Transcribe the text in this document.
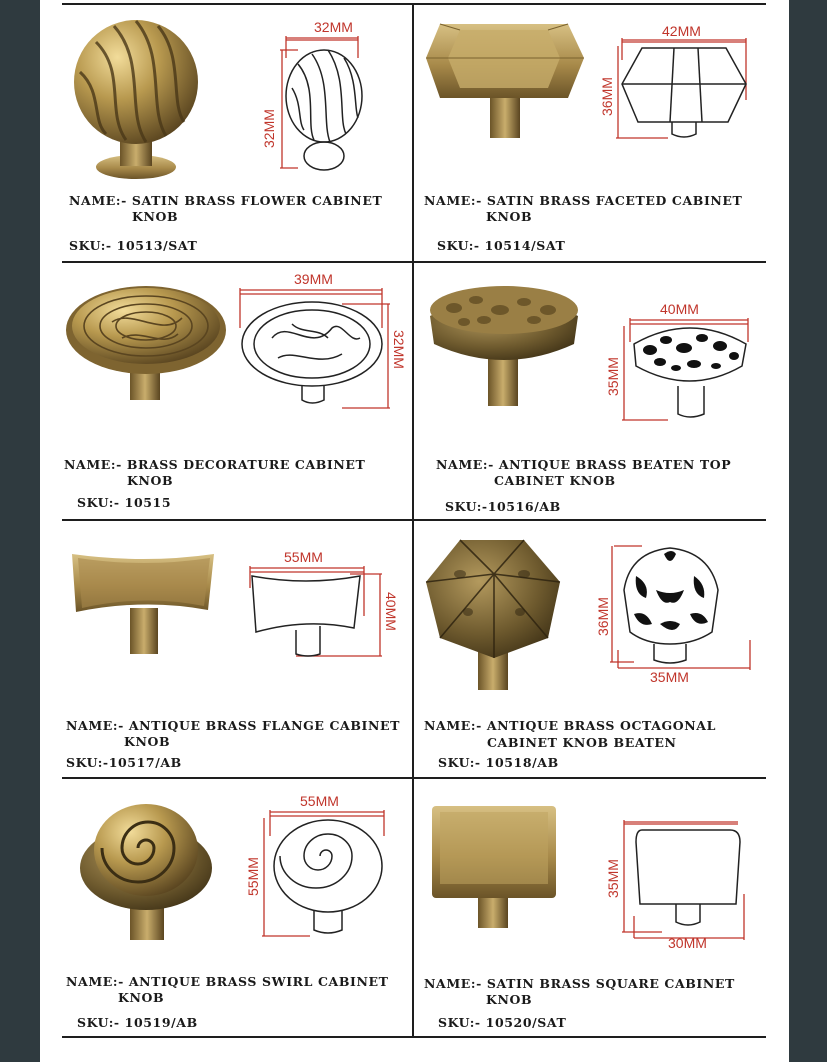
32MM
32MM
NAME:- SATIN BRASS FLOWER CABINET
KNOB
SKU:- 10513/SAT
42MM
36MM
NAME:- SATIN BRASS FACETED CABINET
KNOB
SKU:- 10514/SAT
39MM
32MM
NAME:- BRASS DECORATURE CABINET
KNOB
SKU:- 10515
40MM
35MM
NAME:- ANTIQUE BRASS BEATEN TOP
CABINET KNOB
SKU:-10516/AB
55MM
40MM
NAME:- ANTIQUE BRASS FLANGE CABINET
KNOB
SKU:-10517/AB
36MM
35MM
NAME:- ANTIQUE BRASS OCTAGONAL
CABINET KNOB BEATEN
SKU:- 10518/AB
55MM
55MM
NAME:- ANTIQUE BRASS SWIRL CABINET
KNOB
SKU:- 10519/AB
35MM
30MM
NAME:- SATIN BRASS SQUARE CABINET
KNOB
SKU:- 10520/SAT
